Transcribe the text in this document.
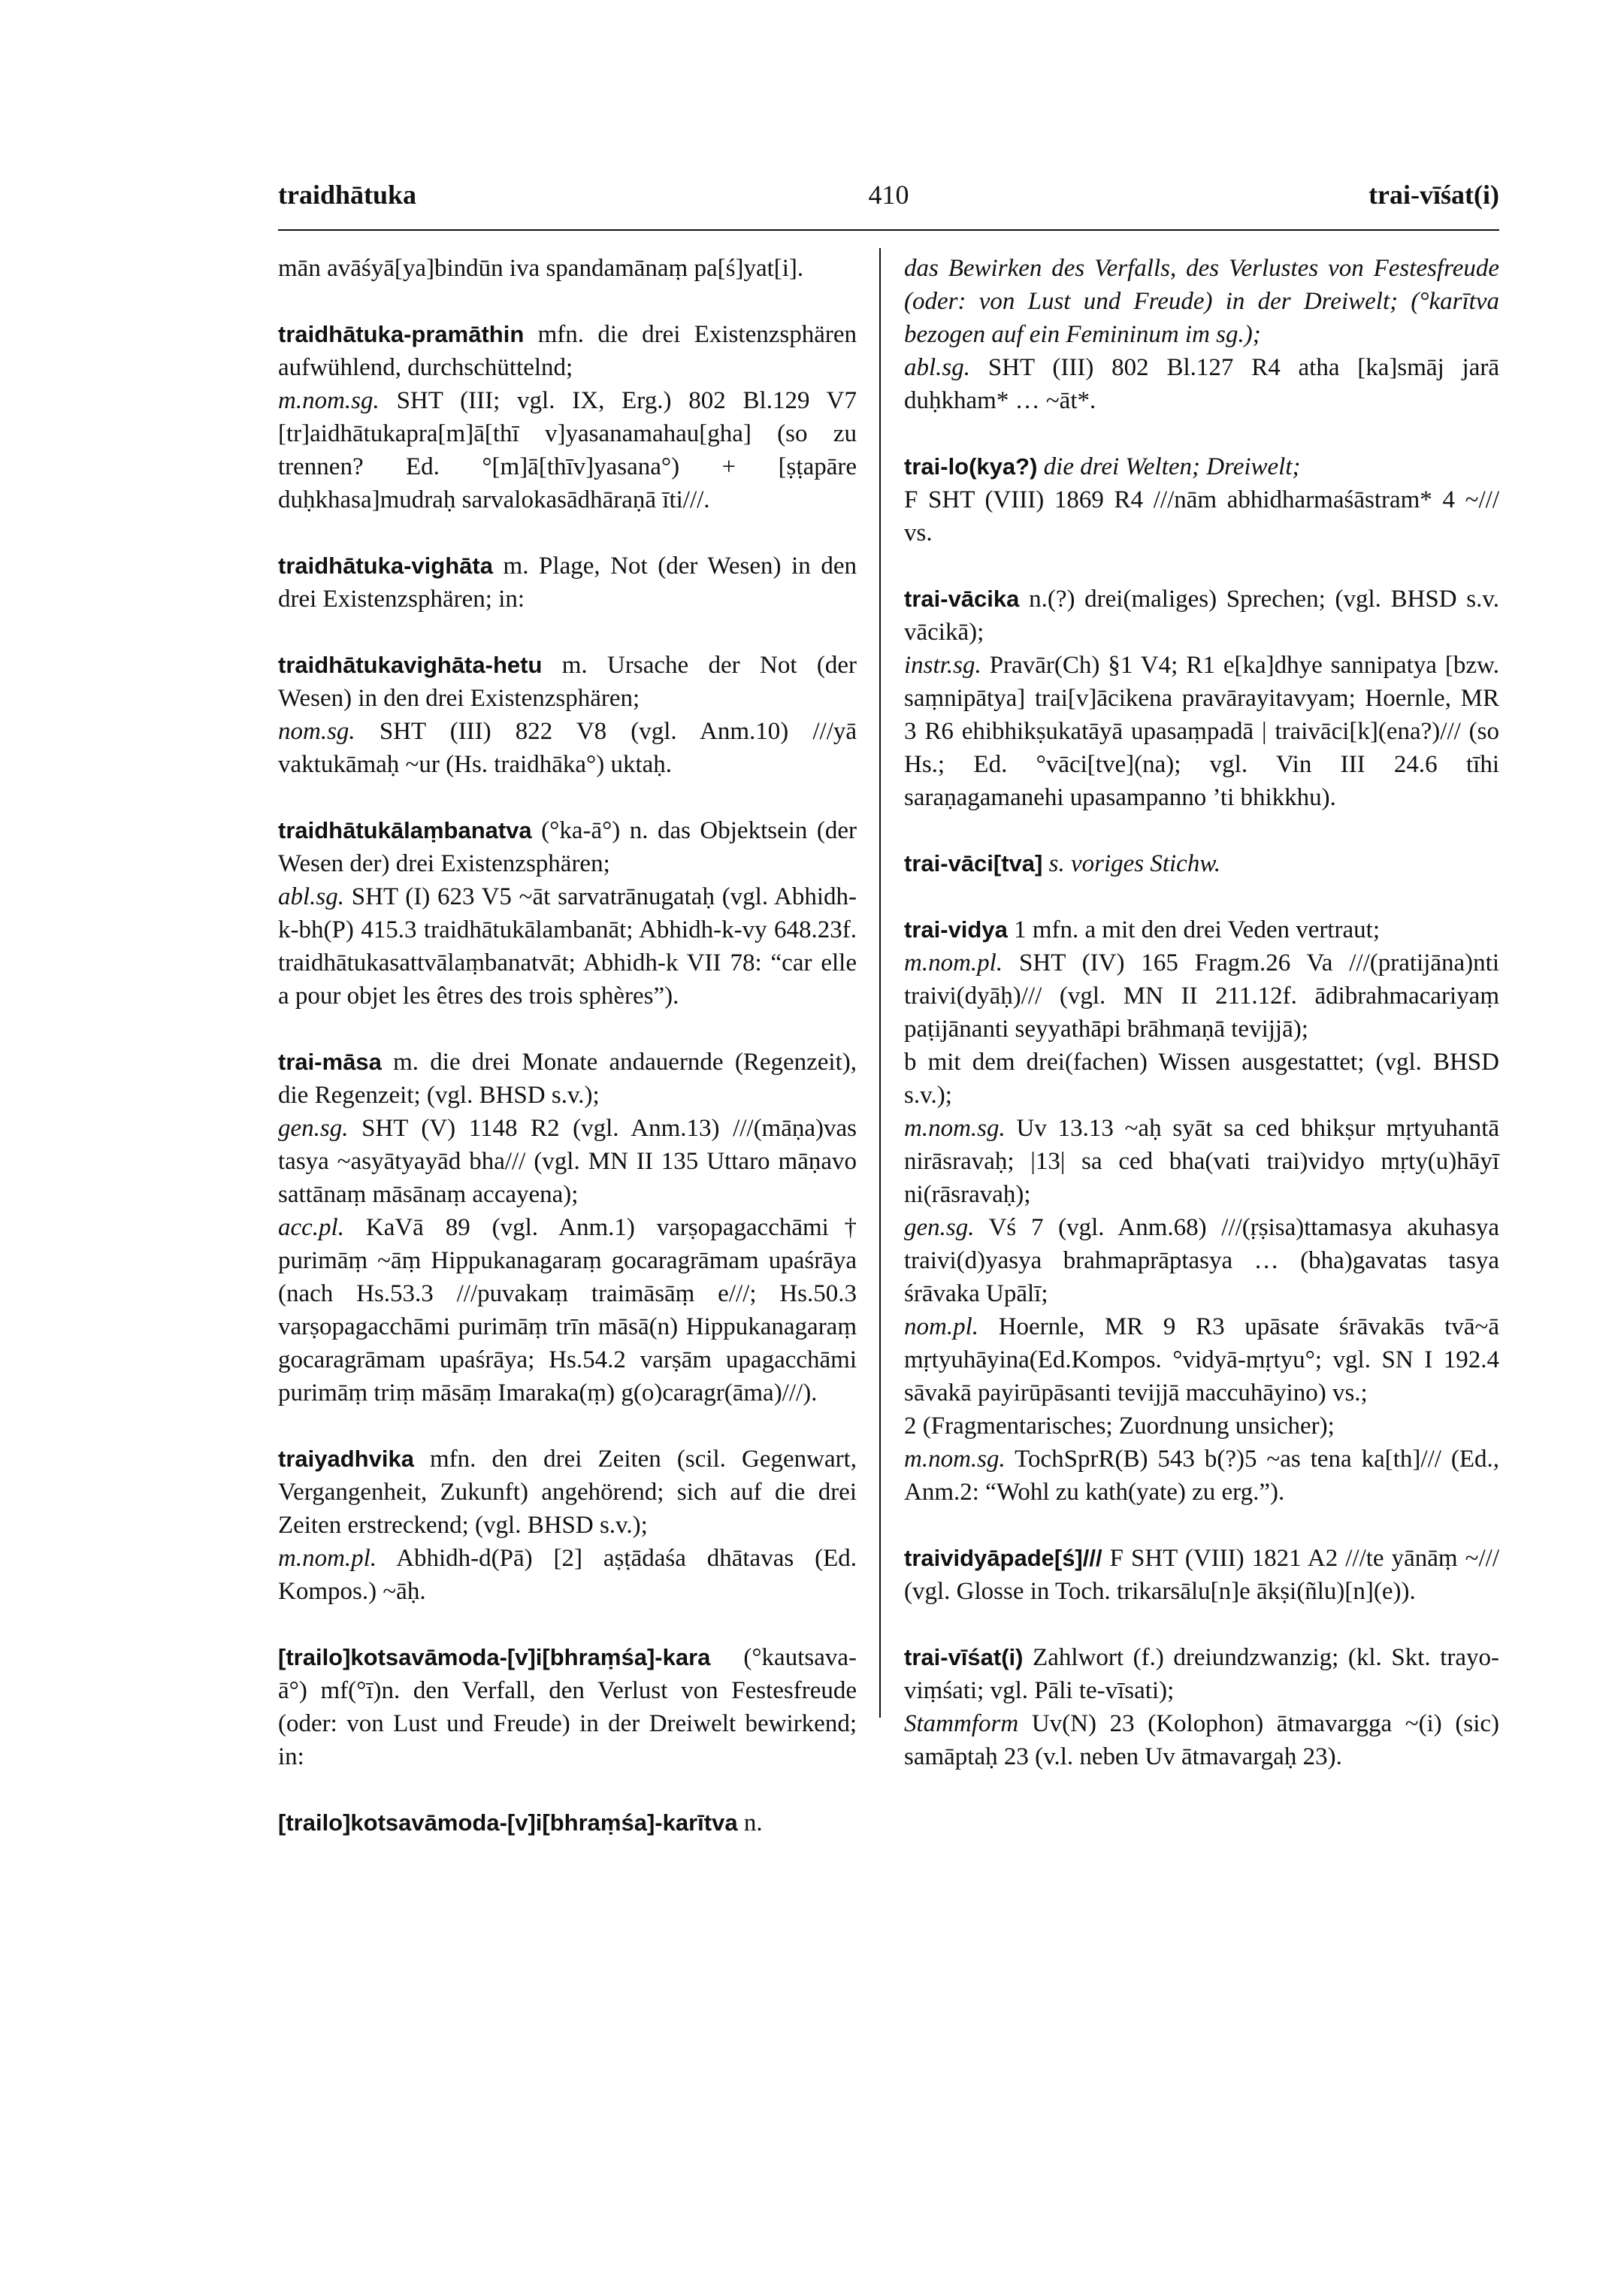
traidhātuka	410	trai-vīśat(i)

mān avāśyā[ya]bindūn iva spandamānaṃ pa[ś]yat[i].

traidhātuka-pramāthin mfn. die drei Existenzsphären aufwühlend, durchschüttelnd;

m.nom.sg. SHT (III; vgl. IX, Erg.) 802 Bl.129 V7 [tr]aidhātukapra[m]ā[thī v]yasanamahau[gha] (so zu trennen? Ed. °[m]ā[thīv]yasana°) + [ṣṭapāre duḥkhasa]mudraḥ sarvalokasādhāraṇā īti///.

traidhātuka-vighāta m. Plage, Not (der Wesen) in den drei Existenzsphären; in:

traidhātukavighāta-hetu m. Ursache der Not (der Wesen) in den drei Existenzsphären;

nom.sg. SHT (III) 822 V8 (vgl. Anm.10) ///yā vaktukāmaḥ ~ur (Hs. traidhāka°) uktaḥ.

traidhātukālaṃbanatva (°ka-ā°) n. das Objektsein (der Wesen der) drei Existenzsphären;

abl.sg. SHT (I) 623 V5 ~āt sarvatrānugataḥ (vgl. Abhidh-k-bh(P) 415.3 traidhātukālambanāt; Abhidh-k-vy 648.23f. traidhātukasattvālaṃbanatvāt; Abhidh-k VII 78: “car elle a pour objet les êtres des trois sphères”).

trai-māsa m. die drei Monate andauernde (Regenzeit), die Regenzeit; (vgl. BHSD s.v.);

gen.sg. SHT (V) 1148 R2 (vgl. Anm.13) ///(māṇa)vas tasya ~asyātyayād bha/// (vgl. MN II 135 Uttaro māṇavo sattānaṃ māsānaṃ accayena);

acc.pl. KaVā 89 (vgl. Anm.1) varṣopagacchāmi† purimāṃ ~āṃ Hippukanagaraṃ gocaragrāmam upaśrāya (nach Hs.53.3 ///puvakaṃ traimāsāṃ e///; Hs.50.3 varṣopagacchāmi purimāṃ trīn māsā(n) Hippukanagaraṃ gocaragrāmam upaśrāya; Hs.54.2 varṣām upagacchāmi purimāṃ triṃ māsāṃ Imaraka(ṃ) g(o)caragr(āma)///).

traiyadhvika mfn. den drei Zeiten (scil. Gegenwart, Vergangenheit, Zukunft) angehörend; sich auf die drei Zeiten erstreckend; (vgl. BHSD s.v.);

m.nom.pl. Abhidh-d(Pā) [2] aṣṭādaśa dhātavas (Ed. Kompos.) ~āḥ.

[trailo]kotsavāmoda-[v]i[bhraṃśa]-kara (°kautsava-ā°) mf(°ī)n. den Verfall, den Verlust von Festesfreude (oder: von Lust und Freude) in der Dreiwelt bewirkend; in:

[trailo]kotsavāmoda-[v]i[bhraṃśa]-karītva n.

das Bewirken des Verfalls, des Verlustes von Festesfreude (oder: von Lust und Freude) in der Dreiwelt; (°karītva bezogen auf ein Femininum im sg.);

abl.sg. SHT (III) 802 Bl.127 R4 atha [ka]smāj jarā duḥkham* … ~āt*.

trai-lo(kya?) die drei Welten; Dreiwelt;

F SHT (VIII) 1869 R4 ///nām abhidharmaśāstram* 4 ~/// vs.

trai-vācika n.(?) drei(maliges) Sprechen; (vgl. BHSD s.v. vācikā);

instr.sg. Pravār(Ch) §1 V4; R1 e[ka]dhye sannipatya [bzw. saṃnipātya] trai[v]ācikena pravārayitavyam; Hoernle, MR 3 R6 ehibhikṣukatāyā upasaṃpadā | traivāci[k](ena?)/// (so Hs.; Ed. °vāci[tve](na); vgl. Vin III 24.6 tīhi saraṇagamanehi upasampanno ’ti bhikkhu).

trai-vāci[tva] s. voriges Stichw.

trai-vidya 1 mfn. a mit den drei Veden vertraut;

m.nom.pl. SHT (IV) 165 Fragm.26 Va ///(pratijāna)nti traivi(dyāḥ)/// (vgl. MN II 211.12f. ādibrahmacariyaṃ paṭijānanti seyyathāpi brāhmaṇā tevijjā);

b mit dem drei(fachen) Wissen ausgestattet; (vgl. BHSD s.v.);

m.nom.sg. Uv 13.13 ~aḥ syāt sa ced bhikṣur mṛtyuhantā nirāsravaḥ; |13| sa ced bha(vati trai)vidyo mṛty(u)hāyī ni(rāsravaḥ);

gen.sg. Vś 7 (vgl. Anm.68) ///(ṛṣisa)ttamasya akuhasya traivi(d)yasya brahmaprāptasya … (bha)gavatas tasya śrāvaka Upālī;

nom.pl. Hoernle, MR 9 R3 upāsate śrāvakās tvā~ā mṛtyuhāyina(Ed.Kompos. °vidyā-mṛtyu°; vgl. SN I 192.4 sāvakā payirūpāsanti tevijjā maccuhāyino) vs.;

2 (Fragmentarisches; Zuordnung unsicher);

m.nom.sg. TochSprR(B) 543 b(?)5 ~as tena ka[th]/// (Ed., Anm.2: “Wohl zu kath(yate) zu erg.”).

traividyāpade[ś]/// F SHT (VIII) 1821 A2 ///te yānāṃ ~/// (vgl. Glosse in Toch. trikarsālu[n]e ākṣi(ñlu)[n](e)).

trai-vīśat(i) Zahlwort (f.) dreiundzwanzig; (kl. Skt. trayo-viṃśati; vgl. Pāli te-vīsati);

Stammform Uv(N) 23 (Kolophon) ātmavargga ~(i) (sic) samāptaḥ 23 (v.l. neben Uv ātmavargaḥ 23).
